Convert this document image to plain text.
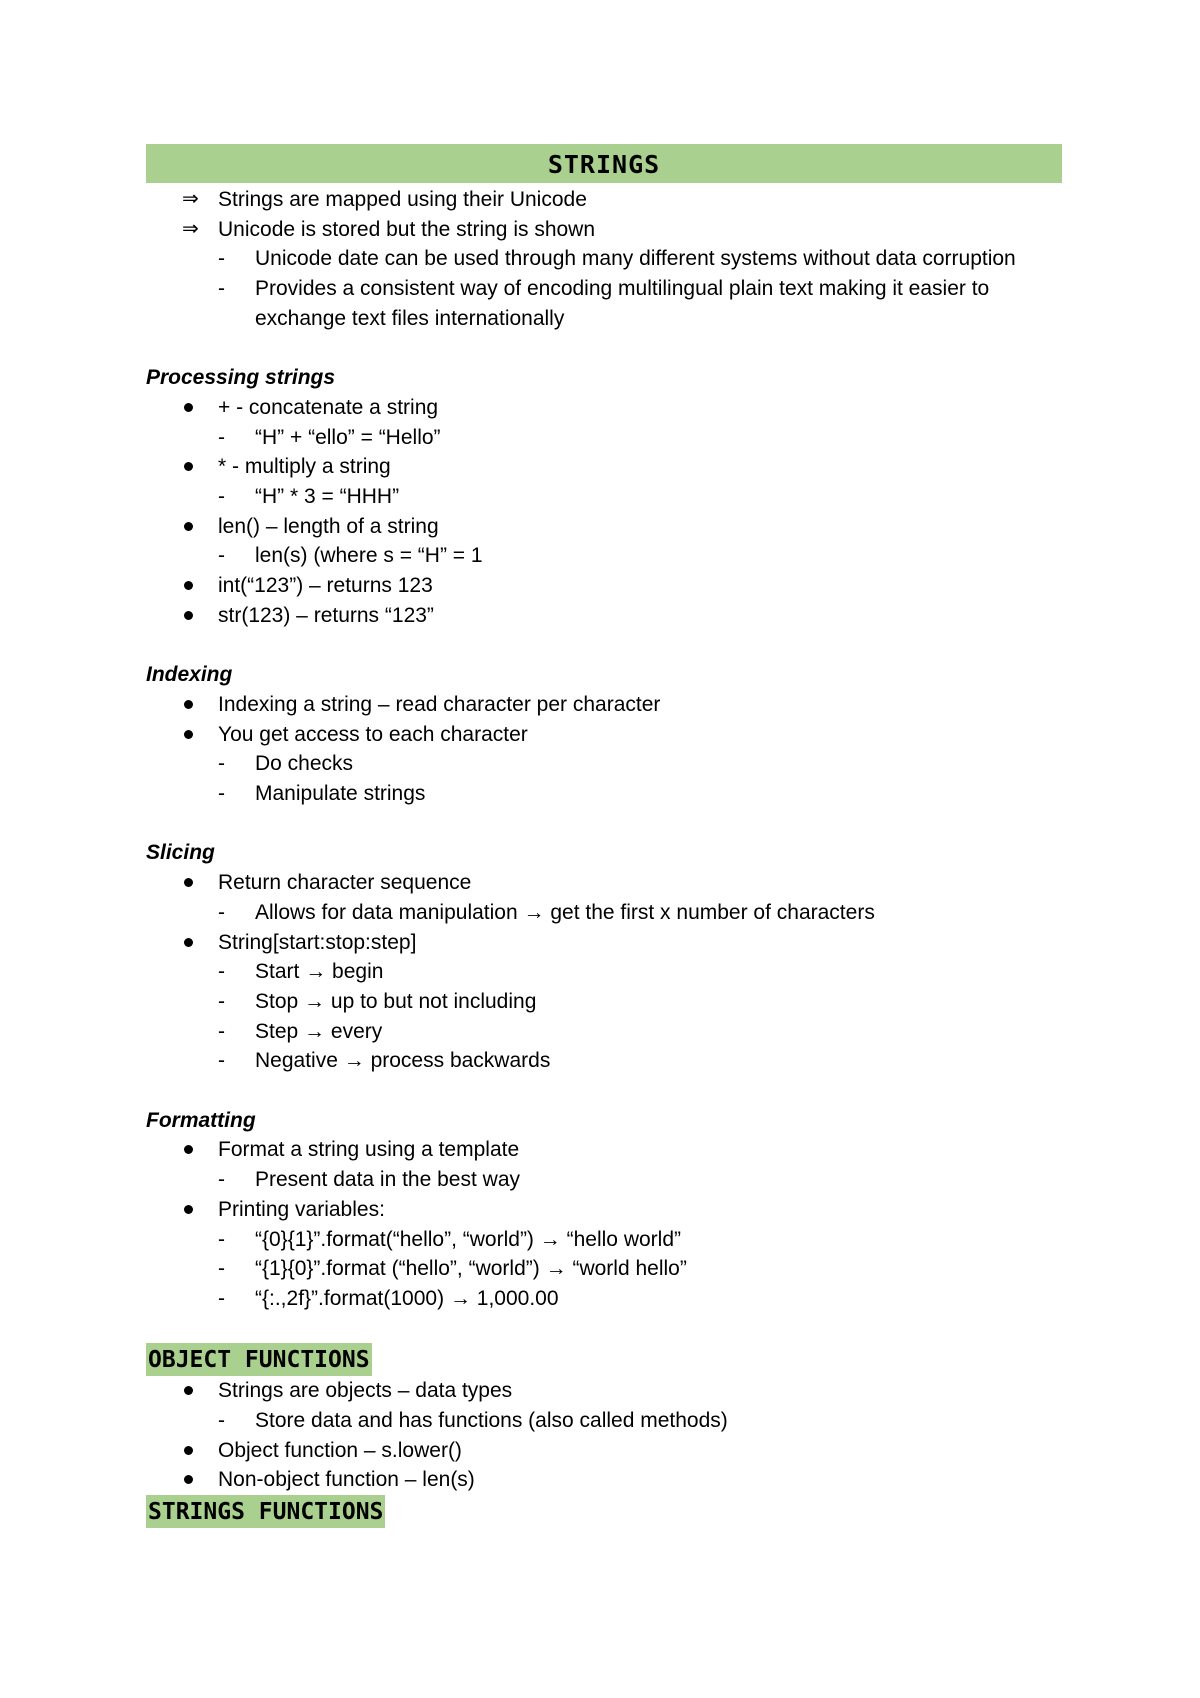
STRINGS
⇒ Strings are mapped using their Unicode
⇒ Unicode is stored but the string is shown
- Unicode date can be used through many different systems without data corruption
- Provides a consistent way of encoding multilingual plain text making it easier to exchange text files internationally
Processing strings
+ - concatenate a string
- “H” + “ello” = “Hello”
* - multiply a string
- “H” * 3 = “HHH”
len() – length of a string
- len(s) (where s = “H” = 1
int(“123”) – returns 123
str(123) – returns “123”
Indexing
Indexing a string – read character per character
You get access to each character
- Do checks
- Manipulate strings
Slicing
Return character sequence
- Allows for data manipulation → get the first x number of characters
String[start:stop:step]
- Start → begin
- Stop → up to but not including
- Step → every
- Negative → process backwards
Formatting
Format a string using a template
- Present data in the best way
Printing variables:
- “{0}{1}”.format(“hello”, “world”) → “hello world”
- “{1}{0}”.format (“hello”, “world”) → “world hello”
- “{:.,2f}”.format(1000) → 1,000.00
OBJECT FUNCTIONS
Strings are objects – data types
- Store data and has functions (also called methods)
Object function – s.lower()
Non-object function – len(s)
STRINGS FUNCTIONS
